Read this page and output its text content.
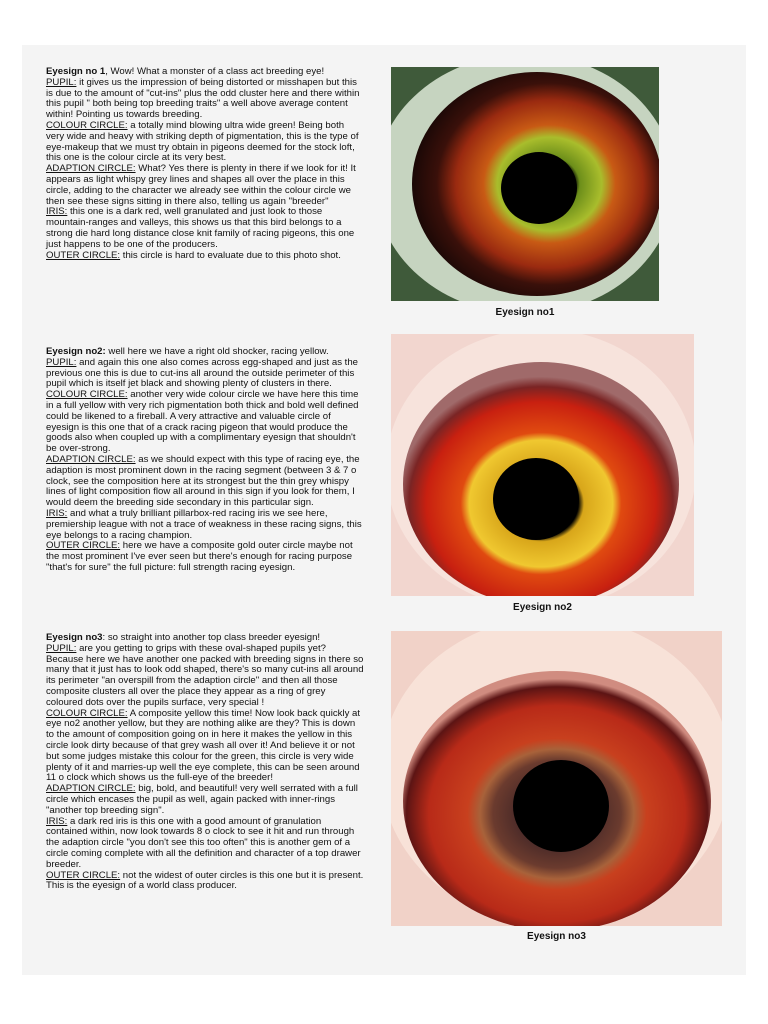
Eyesign no 1, Wow! What a monster of a class act breeding eye!
PUPIL: it gives us the impression of being distorted or misshapen but this is due to the amount of "cut-ins" plus the odd cluster here and there within this pupil " both being top breeding traits" a well above average content within! Pointing us towards breeding.
COLOUR CIRCLE: a totally mind blowing ultra wide green! Being both very wide and heavy with striking depth of pigmentation, this is the type of eye-makeup that we must try obtain in pigeons deemed for the stock loft, this one is the colour circle at its very best.
ADAPTION CIRCLE: What? Yes there is plenty in there if we look for it! It appears as light whispy grey lines and shapes all over the place in this circle, adding to the character we already see within the colour circle we then see these signs sitting in there also, telling us again "breeder"
IRIS: this one is a dark red, well granulated and just look to those mountain-ranges and valleys, this shows us that this bird belongs to a strong die hard long distance close knit family of racing pigeons, this one just happens to be one of the producers.
OUTER CIRCLE: this circle is hard to evaluate due to this photo shot.

Eyesign no1

Eyesign no2: well here we have a right old shocker, racing yellow.
PUPIL: and again this one also comes across egg-shaped and just as the previous one this is due to cut-ins all around the outside perimeter of this pupil which is itself jet black and showing plenty of clusters in there.
COLOUR CIRCLE: another very wide colour circle we have here this time in a full yellow with very rich pigmentation both thick and bold well defined could be likened to a fireball. A very attractive and valuable circle of eyesign is this one that of a crack racing pigeon that would produce the goods also when coupled up with a complimentary eyesign that shouldn't be over-strong.
ADAPTION CIRCLE: as we should expect with this type of racing eye, the adaption is most prominent down in the racing segment (between 3 & 7 o clock, see the composition here at its strongest but the thin grey whispy lines of light composition flow all around in this sign if you look for them, I would deem the breeding side secondary in this particular sign.
IRIS: and what a truly brilliant pillarbox-red racing iris we see here, premiership league with not a trace of weakness in these racing signs, this eye belongs to a racing champion.
OUTER CIRCLE: here we have a composite gold outer circle maybe not the most prominent I've ever seen but there's enough for racing purpose "that's for sure" the full picture: full strength racing eyesign.

Eyesign no2

Eyesign no3: so straight into another top class breeder eyesign!
PUPIL: are you getting to grips with these oval-shaped pupils yet? Because here we have another one packed with breeding signs in there so many that it just has to look odd shaped, there's so many cut-ins all around its perimeter "an overspill from the adaption circle" and then all those composite clusters all over the place they appear as a ring of grey coloured dots over the pupils surface, very special !
COLOUR CIRCLE: A composite yellow this time! Now look back quickly at eye no2 another yellow, but they are nothing alike are they? This is down to the amount of composition going on in here it makes the yellow in this circle look dirty because of that grey wash all over it! And believe it or not but some judges mistake this colour for the green, this circle is very wide plenty of it and marries-up well the eye complete, this can be seen around 11 o clock which shows us the full-eye of the breeder!
ADAPTION CIRCLE: big, bold, and beautiful! very well serrated with a full circle which encases the pupil as well, again packed with inner-rings "another top breeding sign".
IRIS: a dark red iris is this one with a good amount of granulation contained within, now look towards 8 o clock to see it hit and run through the adaption circle "you don't see this too often" this is another gem of a circle coming complete with all the definition and character of a top drawer breeder.
OUTER CIRCLE: not the widest of outer circles is this one but it is present. This is the eyesign of a world class producer.

Eyesign no3
